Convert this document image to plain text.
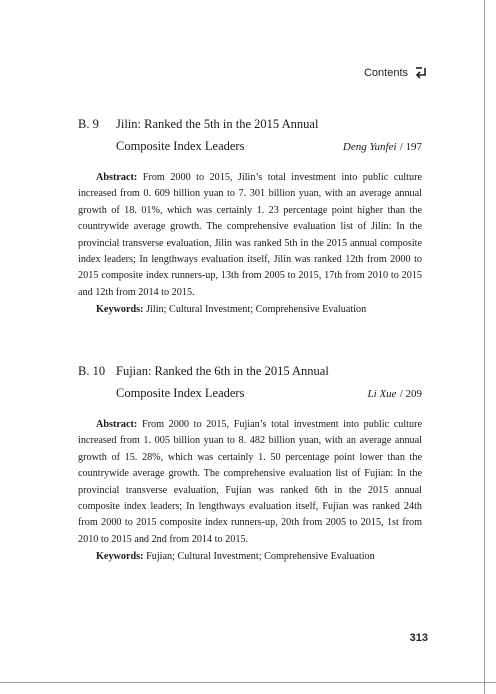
Contents
B. 9	Jilin: Ranked the 5th in the 2015 Annual
Composite Index Leaders	Deng Yunfei / 197
Abstract: From 2000 to 2015, Jilin’s total investment into public culture increased from 0. 609 billion yuan to 7. 301 billion yuan, with an average annual growth of 18. 01%, which was certainly 1. 23 percentage point higher than the countrywide average growth. The comprehensive evaluation list of Jilin: In the provincial transverse evaluation, Jilin was ranked 5th in the 2015 annual composite index leaders; In lengthways evaluation itself, Jilin was ranked 12th from 2000 to 2015 composite index runners-up, 13th from 2005 to 2015, 17th from 2010 to 2015 and 12th from 2014 to 2015.
Keywords: Jilin; Cultural Investment; Comprehensive Evaluation
B. 10 Fujian: Ranked the 6th in the 2015 Annual
Composite Index Leaders	Li Xue / 209
Abstract: From 2000 to 2015, Fujian’s total investment into public culture increased from 1. 005 billion yuan to 8. 482 billion yuan, with an average annual growth of 15. 28%, which was certainly 1. 50 percentage point lower than the countrywide average growth. The comprehensive evaluation list of Fujian: In the provincial transverse evaluation, Fujian was ranked 6th in the 2015 annual composite index leaders; In lengthways evaluation itself, Fujian was ranked 24th from 2000 to 2015 composite index runners-up, 20th from 2005 to 2015, 1st from 2010 to 2015 and 2nd from 2014 to 2015.
Keywords: Fujian; Cultural Investment; Comprehensive Evaluation
313
